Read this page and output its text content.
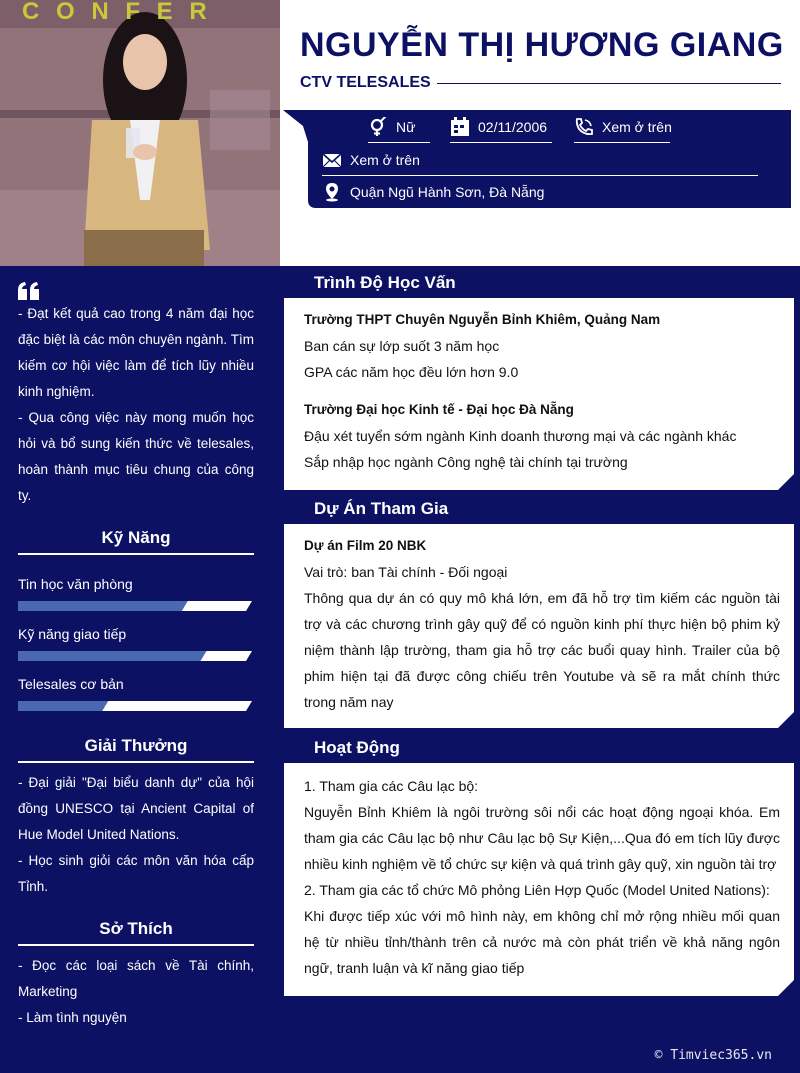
C O N F E R
NGUYỄN THỊ HƯƠNG GIANG
CTV TELESALES
Nữ	02/11/2006	Xem ở trên
Xem ở trên
Quận Ngũ Hành Sơn, Đà Nẵng
- Đạt kết quả cao trong 4 năm đại học đặc biệt là các môn chuyên ngành. Tìm kiếm cơ hội việc làm để tích lũy nhiều kinh nghiệm.
- Qua công việc này mong muốn học hỏi và bổ sung kiến thức về telesales, hoàn thành mục tiêu chung của công ty.
Kỹ Năng
Tin học văn phòng
Kỹ năng giao tiếp
Telesales cơ bản
Giải Thưởng
- Đại giải "Đại biểu danh dự" của hội đồng UNESCO tại Ancient Capital of Hue Model United Nations.
- Học sinh giỏi các môn văn hóa cấp Tỉnh.
Sở Thích
- Đọc các loại sách về Tài chính, Marketing
- Làm tình nguyện
Trình Độ Học Vấn
Trường THPT Chuyên Nguyễn Bỉnh Khiêm, Quảng Nam
Ban cán sự lớp suốt 3 năm học
GPA các năm học đều lớn hơn 9.0
Trường Đại học Kinh tế - Đại học Đà Nẵng
Đậu xét tuyển sớm ngành Kinh doanh thương mại và các ngành khác
Sắp nhập học ngành Công nghệ tài chính tại trường
Dự Án Tham Gia
Dự án Film 20 NBK
Vai trò: ban Tài chính - Đối ngoại
Thông qua dự án có quy mô khá lớn, em đã hỗ trợ tìm kiếm các nguồn tài trợ và các chương trình gây quỹ để có nguồn kinh phí thực hiện bộ phim kỷ niệm thành lập trường, tham gia hỗ trợ các buổi quay hình. Trailer của bộ phim hiện tại đã được công chiếu trên Youtube và sẽ ra mắt chính thức trong năm nay
Hoạt Động
1. Tham gia các Câu lạc bộ:
Nguyễn Bỉnh Khiêm là ngôi trường sôi nổi các hoạt động ngoại khóa. Em tham gia các Câu lạc bộ như Câu lạc bộ Sự Kiện,...Qua đó em tích lũy được nhiều kinh nghiệm về tổ chức sự kiện và quá trình gây quỹ, xin nguồn tài trợ
2. Tham gia các tổ chức Mô phỏng Liên Hợp Quốc (Model United Nations):
Khi được tiếp xúc với mô hình này, em không chỉ mở rộng nhiều mối quan hệ từ nhiều tỉnh/thành trên cả nước mà còn phát triển về khả năng ngôn ngữ, tranh luận và kĩ năng giao tiếp
© Timviec365.vn
